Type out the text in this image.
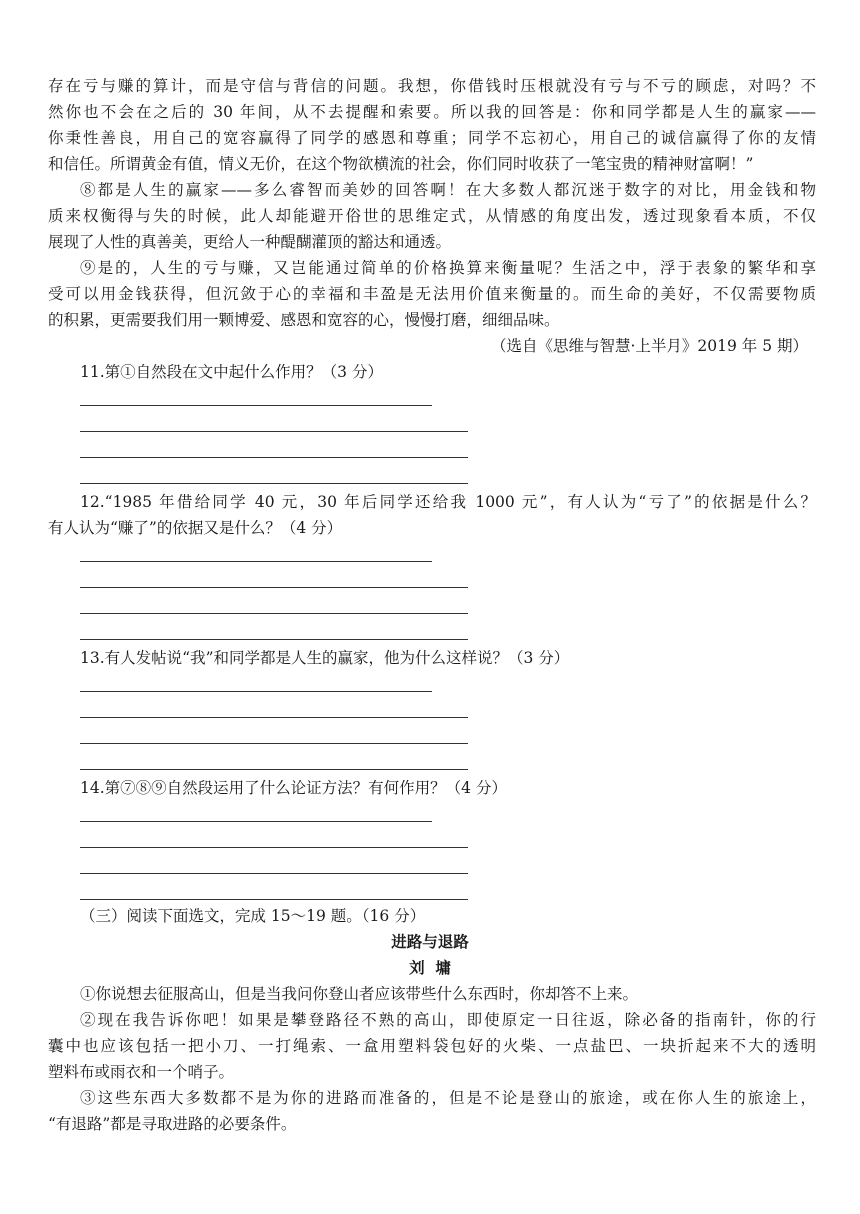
存在亏与赚的算计，而是守信与背信的问题。我想，你借钱时压根就没有亏与不亏的顾虑，对吗？不
然你也不会在之后的 30 年间，从不去提醒和索要。所以我的回答是：你和同学都是人生的赢家——
你秉性善良，用自己的宽容赢得了同学的感恩和尊重；同学不忘初心，用自己的诚信赢得了你的友情
和信任。所谓黄金有值，情义无价，在这个物欲横流的社会，你们同时收获了一笔宝贵的精神财富啊！”
⑧都是人生的赢家——多么睿智而美妙的回答啊！在大多数人都沉迷于数字的对比，用金钱和物
质来权衡得与失的时候，此人却能避开俗世的思维定式，从情感的角度出发，透过现象看本质，不仅
展现了人性的真善美，更给人一种醍醐灌顶的豁达和通透。
⑨是的，人生的亏与赚，又岂能通过简单的价格换算来衡量呢？生活之中，浮于表象的繁华和享
受可以用金钱获得，但沉敛于心的幸福和丰盈是无法用价值来衡量的。而生命的美好，不仅需要物质
的积累，更需要我们用一颗博爱、感恩和宽容的心，慢慢打磨，细细品味。
（选自《思维与智慧·上半月》2019 年 5 期）
11.第①自然段在文中起什么作用？（3 分）
12.“1985 年借给同学 40 元，30 年后同学还给我 1000 元”，有人认为“亏了”的依据是什么？
有人认为“赚了”的依据又是什么？（4 分）
13.有人发帖说“我”和同学都是人生的赢家，他为什么这样说？（3 分）
14.第⑦⑧⑨自然段运用了什么论证方法？有何作用？（4 分）
（三）阅读下面选文，完成 15～19 题。（16 分）
进路与退路
刘  墉
①你说想去征服高山，但是当我问你登山者应该带些什么东西时，你却答不上来。
②现在我告诉你吧！如果是攀登路径不熟的高山，即使原定一日往返，除必备的指南针，你的行
囊中也应该包括一把小刀、一打绳索、一盒用塑料袋包好的火柴、一点盐巴、一块折起来不大的透明
塑料布或雨衣和一个哨子。
③这些东西大多数都不是为你的进路而准备的，但是不论是登山的旅途，或在你人生的旅途上，
“有退路”都是寻取进路的必要条件。
